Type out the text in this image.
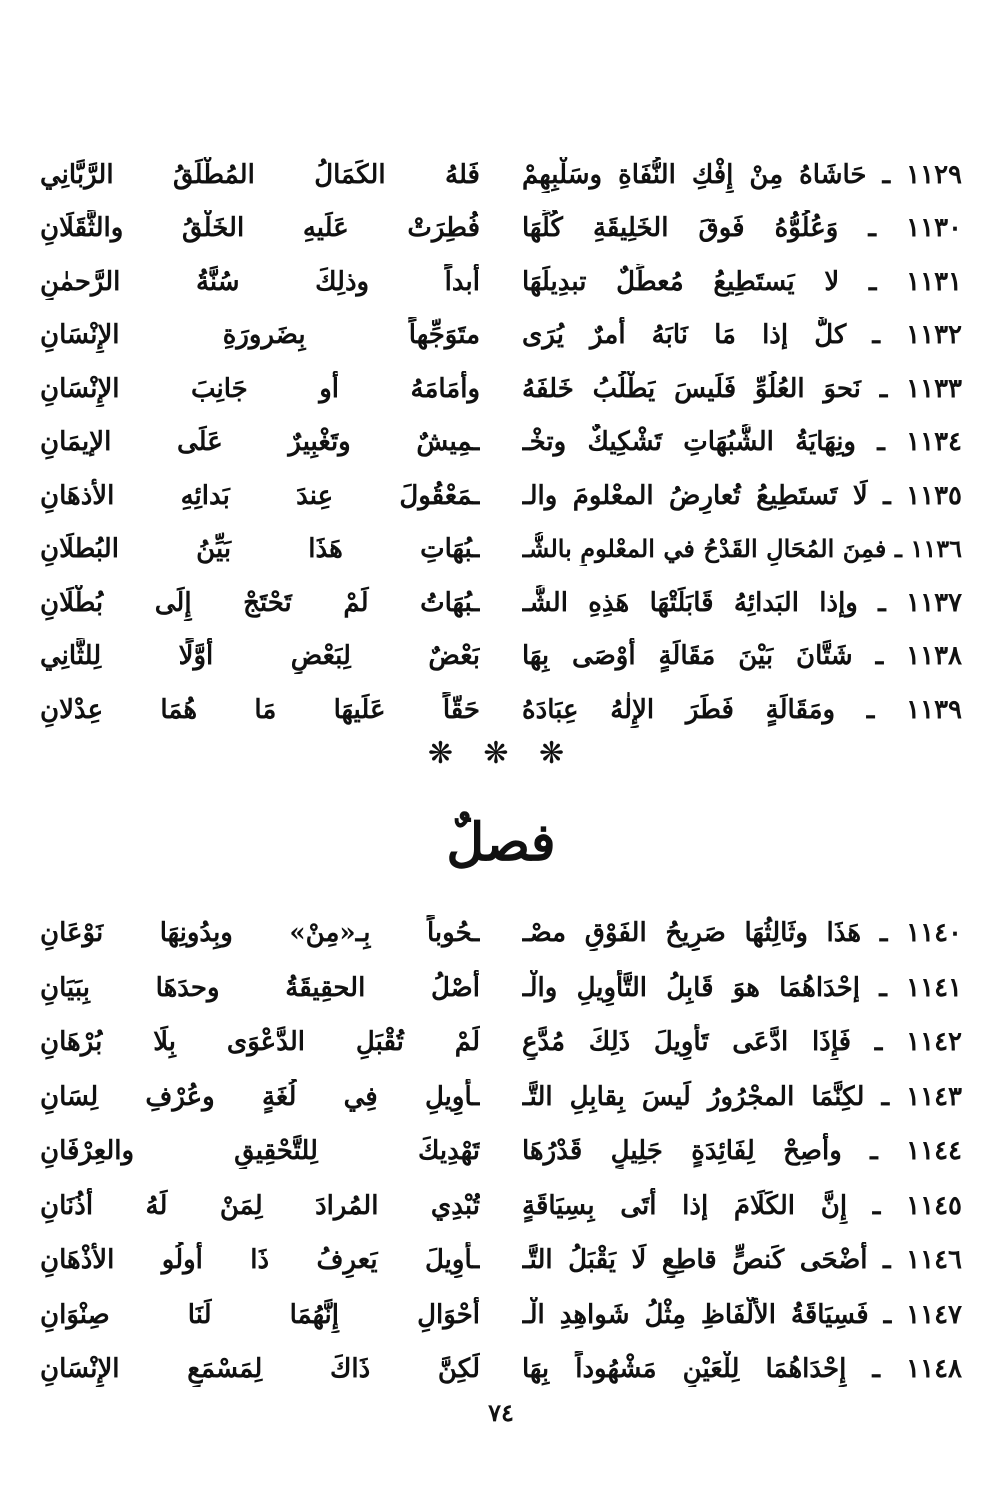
١١٢٩ ـ حَاشَاهُ مِنْ إِفْكِ النُّفَاةِ وسَلْبِهِمْ
فَلهُ الكَمَالُ المُطْلَقُ الرَّبَّانِي
١١٣٠ ـ وَعُلُوُّهُ فَوقَ الخَلِيقَةِ كُلِّهَا
فُطِرَتْ عَلَيهِ الخَلْقُ والثَّقَلَانِ
١١٣١ ـ لا يَستَطِيعُ مُعطِّلٌ تبدِيلَهَا
أبداً وذلِكَ سُنَّةُ الرَّحمٰنِ
١١٣٢ ـ كلٌّ إذا مَا نَابَهُ أمرٌ يُرَى
متَوَجِّهاً بِضَرورَةِ الإِنْسَانِ
١١٣٣ ـ نَحوَ العُلُوِّ فَلَيسَ يَطْلُبُ خَلفَهُ
وأمَامَهُ أو جَانِبَ الإِنْسَانِ
١١٣٤ ـ ونِهَايَةُ الشُّبُهَاتِ تَشْكِيكٌ وتخْـ
ـمِيشٌ وتَغْبِيرٌ عَلَى الإيمَانِ
١١٣٥ ـ لَا تَستَطِيعُ تُعارِضُ المعْلومَ والـ
ـمَعْقُولَ عِندَ بَدائِهِ الأذهَانِ
١١٣٦ ـ فمِنَ المُحَالِ القَدْحُ في المعْلومِ بالشُّـ
ـبُهَاتِ هَذَا بَيِّنُ البُطلَانِ
١١٣٧ ـ وإذا البَدائِهُ قَابَلَتْهَا هَذِهِ الشُّـ
ـبُهَاتُ لَمْ تَحْتَجْ إِلَى بُطْلَانِ
١١٣٨ ـ شَتَّانَ بَيْنَ مَقَالَةٍ أَوْصَى بِهَا
بَعْضٌ لِبَعْضٍ أَوَّلًا لِلثَّانِي
١١٣٩ ـ ومَقَالَةٍ فَطَرَ الإِلٰهُ عِبَادَهُ
حَقّاً عَلَيهَا مَا هُمَا عِدْلانِ
❋ ❋ ❋
فصلٌ
١١٤٠ ـ هَذَا وثَالِثُهَا صَرِيحُ الفَوْقِ مصْـ
ـحُوباً بِـ«مِنْ» وبِدُونِهَا نَوْعَانِ
١١٤١ ـ إحْدَاهُمَا هوَ قَابِلُ التَّأوِيلِ والْـ
أصْلُ الحقِيقَةُ وحدَهَا بِبَيَانِ
١١٤٢ ـ فَإِذَا ادَّعَى تَأْوِيلَ ذَلِكَ مُدَّعٍ
لَمْ تُقْبَلِ الدَّعْوَى بِلَا بُرْهَانِ
١١٤٣ ـ لكِنَّمَا المجْرُورُ لَيسَ بِقابِلِ التَّـ
ـأوِيلِ فِي لُغَةٍ وعُرْفِ لِسَانِ
١١٤٤ ـ وأَصِحْ لِفَائِدَةٍ جَلِيلٍ قَدْرُهَا
تَهْدِيكَ لِلتَّحْقِيقِ والعِرْفَانِ
١١٤٥ ـ إِنَّ الكَلَامَ إذا أتَى بِسِيَاقَةٍ
تُبْدِي المُرادَ لِمَنْ لَهُ أُذُنَانِ
١١٤٦ ـ أضْحَى كَنصٍّ قاطِعٍ لَا يَقْبَلُ التَّـ
ـأوِيلَ يَعرِفُ ذَا أُولُو الأذْهَانِ
١١٤٧ ـ فَسِيَاقَةُ الأَلْفَاظِ مِثْلُ شَواهِدِ الْـ
أحْوَالِ إِنَّهُمَا لَنَا صِنْوَانِ
١١٤٨ ـ إِحْدَاهُمَا لِلْعَيْنِ مَشْهُوداً بِهَا
لَكِنَّ ذَاكَ لِمَسْمَعِ الإِنْسَانِ
٧٤
